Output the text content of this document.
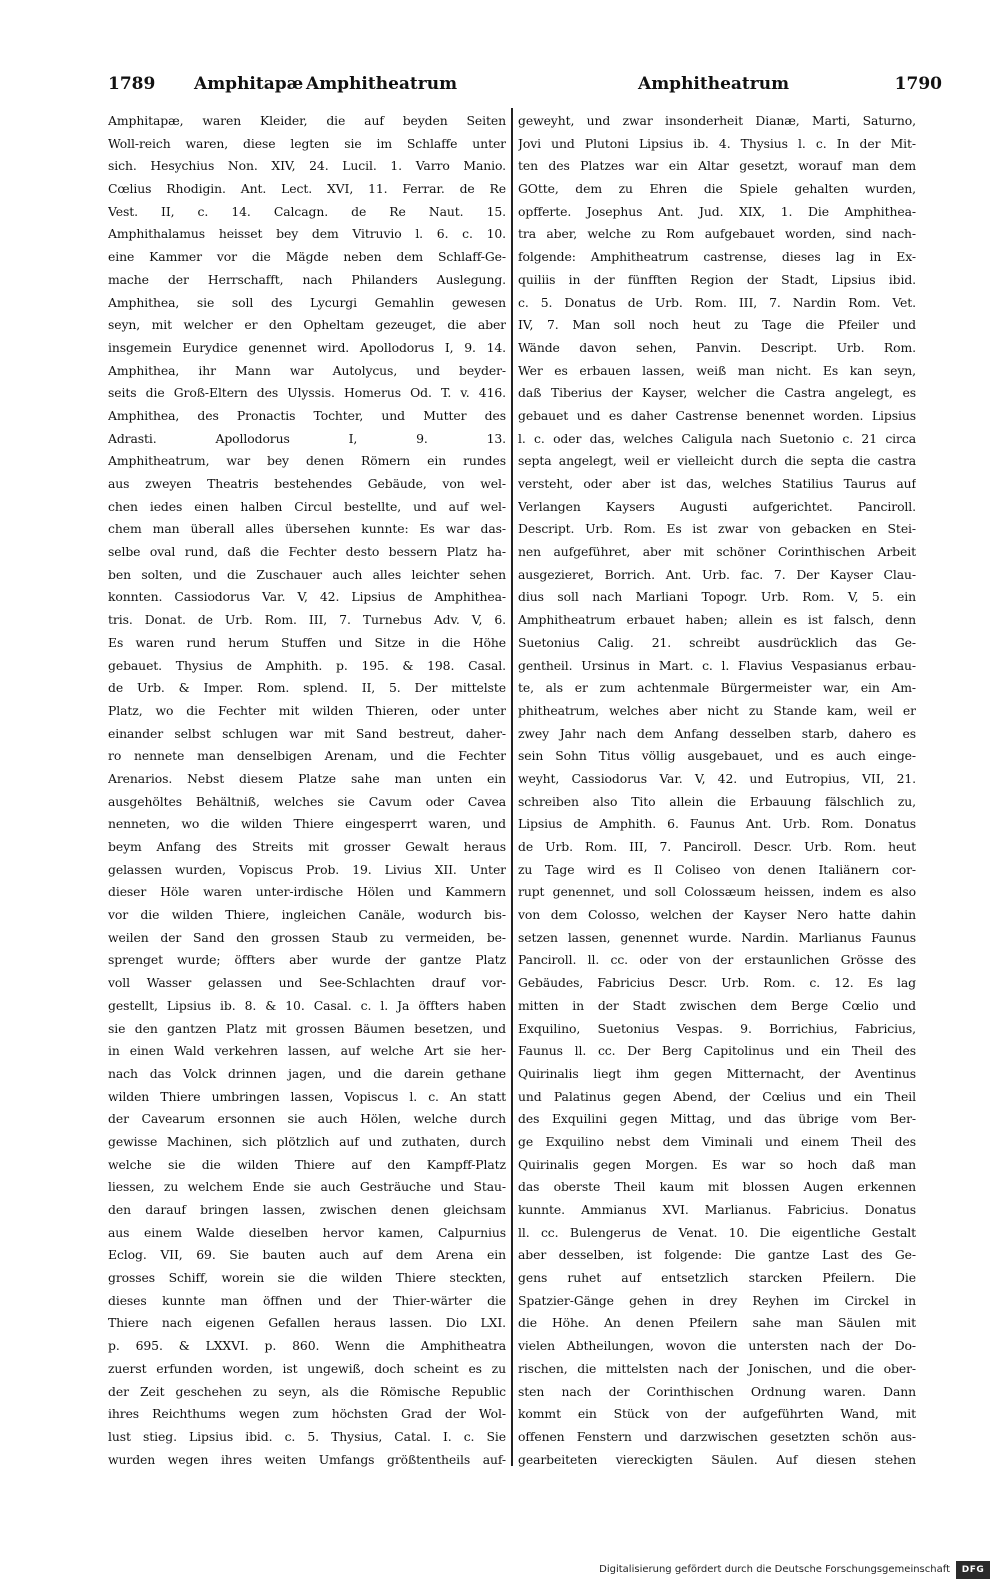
1789 Amphitapæ Amphitheatrum	Amphitheatrum	1790
Amphitapæ, waren Kleider, die auf beyden Seiten
Woll-reich waren, diese legten sie im Schlaffe unter
sich. Hesychius Non. XIV, 24. Lucil. 1. Varro Manio.
Cœlius Rhodigin. Ant. Lect. XVI, 11. Ferrar. de Re
Vest. II, c. 14. Calcagn. de Re Naut. 15.
Amphithalamus heisset bey dem Vitruvio l. 6. c. 10.
eine Kammer vor die Mägde neben dem Schlaff-Ge-
mache der Herrschafft, nach Philanders Auslegung.
Amphithea, sie soll des Lycurgi Gemahlin gewesen
seyn, mit welcher er den Opheltam gezeuget, die aber
insgemein Eurydice genennet wird. Apollodorus I, 9. 14.
Amphithea, ihr Mann war Autolycus, und beyder-
seits die Groß-Eltern des Ulyssis. Homerus Od. T. v. 416.
Amphithea, des Pronactis Tochter, und Mutter des
Adrasti. Apollodorus I, 9. 13.
Amphitheatrum, war bey denen Römern ein rundes
aus zweyen Theatris bestehendes Gebäude, von wel-
chen iedes einen halben Circul bestellte, und auf wel-
chem man überall alles übersehen kunnte: Es war das-
selbe oval rund, daß die Fechter desto bessern Platz ha-
ben solten, und die Zuschauer auch alles leichter sehen
konnten. Cassiodorus Var. V, 42. Lipsius de Amphithea-
tris. Donat. de Urb. Rom. III, 7. Turnebus Adv. V, 6.
Es waren rund herum Stuffen und Sitze in die Höhe
gebauet. Thysius de Amphith. p. 195. & 198. Casal.
de Urb. & Imper. Rom. splend. II, 5. Der mittelste
Platz, wo die Fechter mit wilden Thieren, oder unter
einander selbst schlugen war mit Sand bestreut, daher-
ro nennete man denselbigen Arenam, und die Fechter
Arenarios. Nebst diesem Platze sahe man unten ein
ausgehöltes Behältniß, welches sie Cavum oder Cavea
nenneten, wo die wilden Thiere eingesperrt waren, und
beym Anfang des Streits mit grosser Gewalt heraus
gelassen wurden, Vopiscus Prob. 19. Livius XII. Unter
dieser Höle waren unter-irdische Hölen und Kammern
vor die wilden Thiere, ingleichen Canäle, wodurch bis-
weilen der Sand den grossen Staub zu vermeiden, be-
sprenget wurde; öffters aber wurde der gantze Platz
voll Wasser gelassen und See-Schlachten drauf vor-
gestellt, Lipsius ib. 8. & 10. Casal. c. l. Ja öffters haben
sie den gantzen Platz mit grossen Bäumen besetzen, und
in einen Wald verkehren lassen, auf welche Art sie her-
nach das Volck drinnen jagen, und die darein gethane
wilden Thiere umbringen lassen, Vopiscus l. c. An statt
der Cavearum ersonnen sie auch Hölen, welche durch
gewisse Machinen, sich plötzlich auf und zuthaten, durch
welche sie die wilden Thiere auf den Kampff-Platz
liessen, zu welchem Ende sie auch Gesträuche und Stau-
den darauf bringen lassen, zwischen denen gleichsam
aus einem Walde dieselben hervor kamen, Calpurnius
Eclog. VII, 69. Sie bauten auch auf dem Arena ein
grosses Schiff, worein sie die wilden Thiere steckten,
dieses kunnte man öffnen und der Thier-wärter die
Thiere nach eigenen Gefallen heraus lassen. Dio LXI.
p. 695. & LXXVI. p. 860. Wenn die Amphitheatra
zuerst erfunden worden, ist ungewiß, doch scheint es zu
der Zeit geschehen zu seyn, als die Römische Republic
ihres Reichthums wegen zum höchsten Grad der Wol-
lust stieg. Lipsius ibid. c. 5. Thysius, Catal. I. c. Sie
wurden wegen ihres weiten Umfangs größtentheils auf-
geweyht, und zwar insonderheit Dianæ, Marti, Saturno,
Jovi und Plutoni Lipsius ib. 4. Thysius l. c. In der Mit-
ten des Platzes war ein Altar gesetzt, worauf man dem
GOtte, dem zu Ehren die Spiele gehalten wurden,
opfferte. Josephus Ant. Jud. XIX, 1. Die Amphithea-
tra aber, welche zu Rom aufgebauet worden, sind nach-
folgende: Amphitheatrum castrense, dieses lag in Ex-
quiliis in der fünfften Region der Stadt, Lipsius ibid.
c. 5. Donatus de Urb. Rom. III, 7. Nardin Rom. Vet.
IV, 7. Man soll noch heut zu Tage die Pfeiler und
Wände davon sehen, Panvin. Descript. Urb. Rom.
Wer es erbauen lassen, weiß man nicht. Es kan seyn,
daß Tiberius der Kayser, welcher die Castra angelegt, es
gebauet und es daher Castrense benennet worden. Lipsius
l. c. oder das, welches Caligula nach Suetonio c. 21 circa
septa angelegt, weil er vielleicht durch die septa die castra
versteht, oder aber ist das, welches Statilius Taurus auf
Verlangen Kaysers Augusti aufgerichtet. Panciroll.
Descript. Urb. Rom. Es ist zwar von gebacken en Stei-
nen aufgeführet, aber mit schöner Corinthischen Arbeit
ausgezieret, Borrich. Ant. Urb. fac. 7. Der Kayser Clau-
dius soll nach Marliani Topogr. Urb. Rom. V, 5. ein
Amphitheatrum erbauet haben; allein es ist falsch, denn
Suetonius Calig. 21. schreibt ausdrücklich das Ge-
gentheil. Ursinus in Mart. c. l. Flavius Vespasianus erbau-
te, als er zum achtenmale Bürgermeister war, ein Am-
phitheatrum, welches aber nicht zu Stande kam, weil er
zwey Jahr nach dem Anfang desselben starb, dahero es
sein Sohn Titus völlig ausgebauet, und es auch einge-
weyht, Cassiodorus Var. V, 42. und Eutropius, VII, 21.
schreiben also Tito allein die Erbauung fälschlich zu,
Lipsius de Amphith. 6. Faunus Ant. Urb. Rom. Donatus
de Urb. Rom. III, 7. Panciroll. Descr. Urb. Rom. heut
zu Tage wird es Il Coliseo von denen Italiänern cor-
rupt genennet, und soll Colossæum heissen, indem es also
von dem Colosso, welchen der Kayser Nero hatte dahin
setzen lassen, genennet wurde. Nardin. Marlianus Faunus
Panciroll. ll. cc. oder von der erstaunlichen Grösse des
Gebäudes, Fabricius Descr. Urb. Rom. c. 12. Es lag
mitten in der Stadt zwischen dem Berge Cœlio und
Exquilino, Suetonius Vespas. 9. Borrichius, Fabricius,
Faunus ll. cc. Der Berg Capitolinus und ein Theil des
Quirinalis liegt ihm gegen Mitternacht, der Aventinus
und Palatinus gegen Abend, der Cœlius und ein Theil
des Exquilini gegen Mittag, und das übrige vom Ber-
ge Exquilino nebst dem Viminali und einem Theil des
Quirinalis gegen Morgen. Es war so hoch daß man
das oberste Theil kaum mit blossen Augen erkennen
kunnte. Ammianus XVI. Marlianus. Fabricius. Donatus
ll. cc. Bulengerus de Venat. 10. Die eigentliche Gestalt
aber desselben, ist folgende: Die gantze Last des Ge-
gens ruhet auf entsetzlich starcken Pfeilern. Die
Spatzier-Gänge gehen in drey Reyhen im Circkel in
die Höhe. An denen Pfeilern sahe man Säulen mit
vielen Abtheilungen, wovon die untersten nach der Do-
rischen, die mittelsten nach der Jonischen, und die ober-
sten nach der Corinthischen Ordnung waren. Dann
kommt ein Stück von der aufgeführten Wand, mit
offenen Fenstern und darzwischen gesetzten schön aus-
gearbeiteten viereckigten Säulen. Auf diesen stehen
Digitalisierung gefördert durch die Deutsche Forschungsgemeinschaft	DFG
